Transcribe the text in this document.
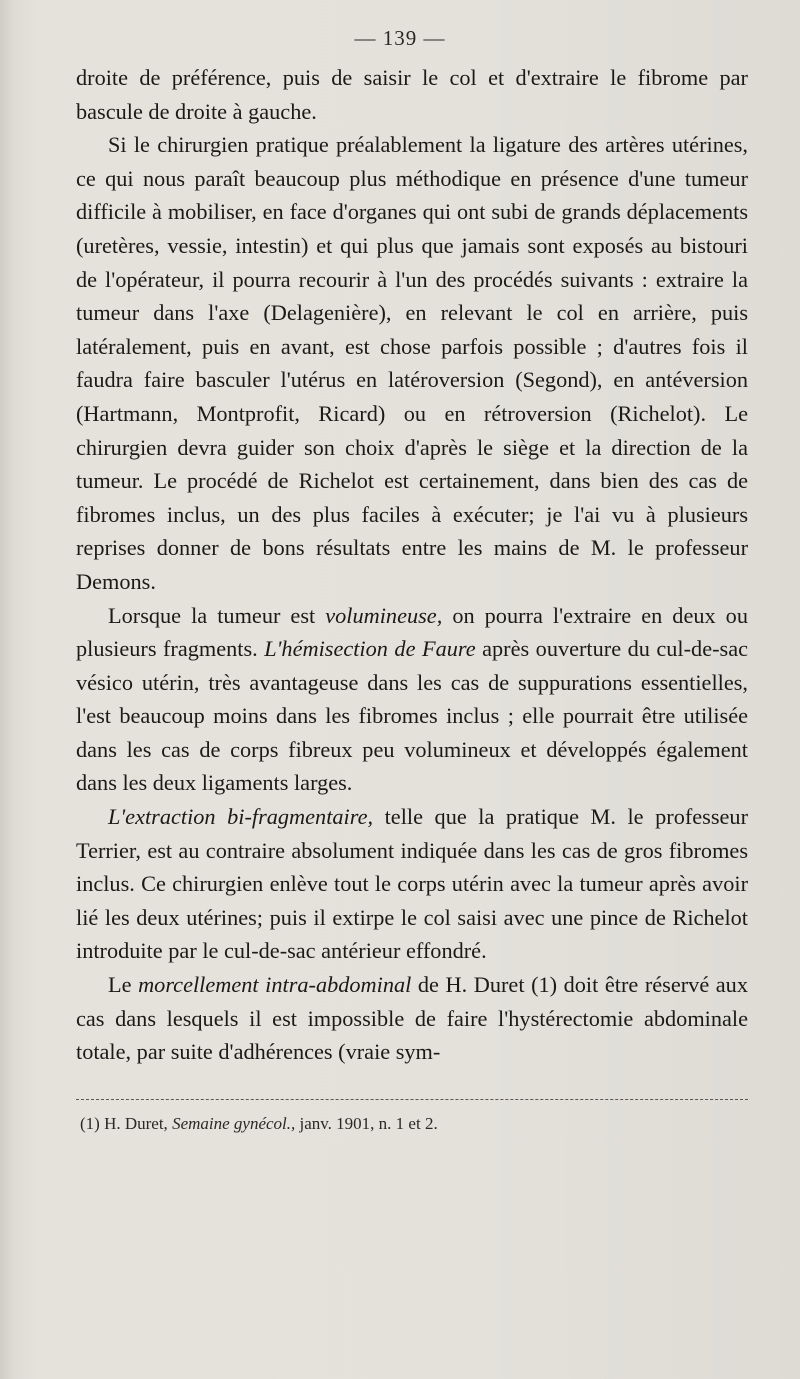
— 139 —

droite de préférence, puis de saisir le col et d'extraire le fibrome par bascule de droite à gauche.

Si le chirurgien pratique préalablement la ligature des artères utérines, ce qui nous paraît beaucoup plus méthodique en présence d'une tumeur difficile à mobiliser, en face d'organes qui ont subi de grands déplacements (uretères, vessie, intestin) et qui plus que jamais sont exposés au bistouri de l'opérateur, il pourra recourir à l'un des procédés suivants : extraire la tumeur dans l'axe (Delagenière), en relevant le col en arrière, puis latéralement, puis en avant, est chose parfois possible ; d'autres fois il faudra faire basculer l'utérus en latéroversion (Segond), en antéversion (Hartmann, Montprofit, Ricard) ou en rétroversion (Richelot). Le chirurgien devra guider son choix d'après le siège et la direction de la tumeur. Le procédé de Richelot est certainement, dans bien des cas de fibromes inclus, un des plus faciles à exécuter; je l'ai vu à plusieurs reprises donner de bons résultats entre les mains de M. le professeur Demons.

Lorsque la tumeur est volumineuse, on pourra l'extraire en deux ou plusieurs fragments. L'hémisection de Faure après ouverture du cul-de-sac vésico utérin, très avantageuse dans les cas de suppurations essentielles, l'est beaucoup moins dans les fibromes inclus ; elle pourrait être utilisée dans les cas de corps fibreux peu volumineux et développés également dans les deux ligaments larges.

L'extraction bi-fragmentaire, telle que la pratique M. le professeur Terrier, est au contraire absolument indiquée dans les cas de gros fibromes inclus. Ce chirurgien enlève tout le corps utérin avec la tumeur après avoir lié les deux utérines; puis il extirpe le col saisi avec une pince de Richelot introduite par le cul-de-sac antérieur effondré.

Le morcellement intra-abdominal de H. Duret (1) doit être réservé aux cas dans lesquels il est impossible de faire l'hystérectomie abdominale totale, par suite d'adhérences (vraie sym-

(1) H. Duret, Semaine gynécol., janv. 1901, n. 1 et 2.
